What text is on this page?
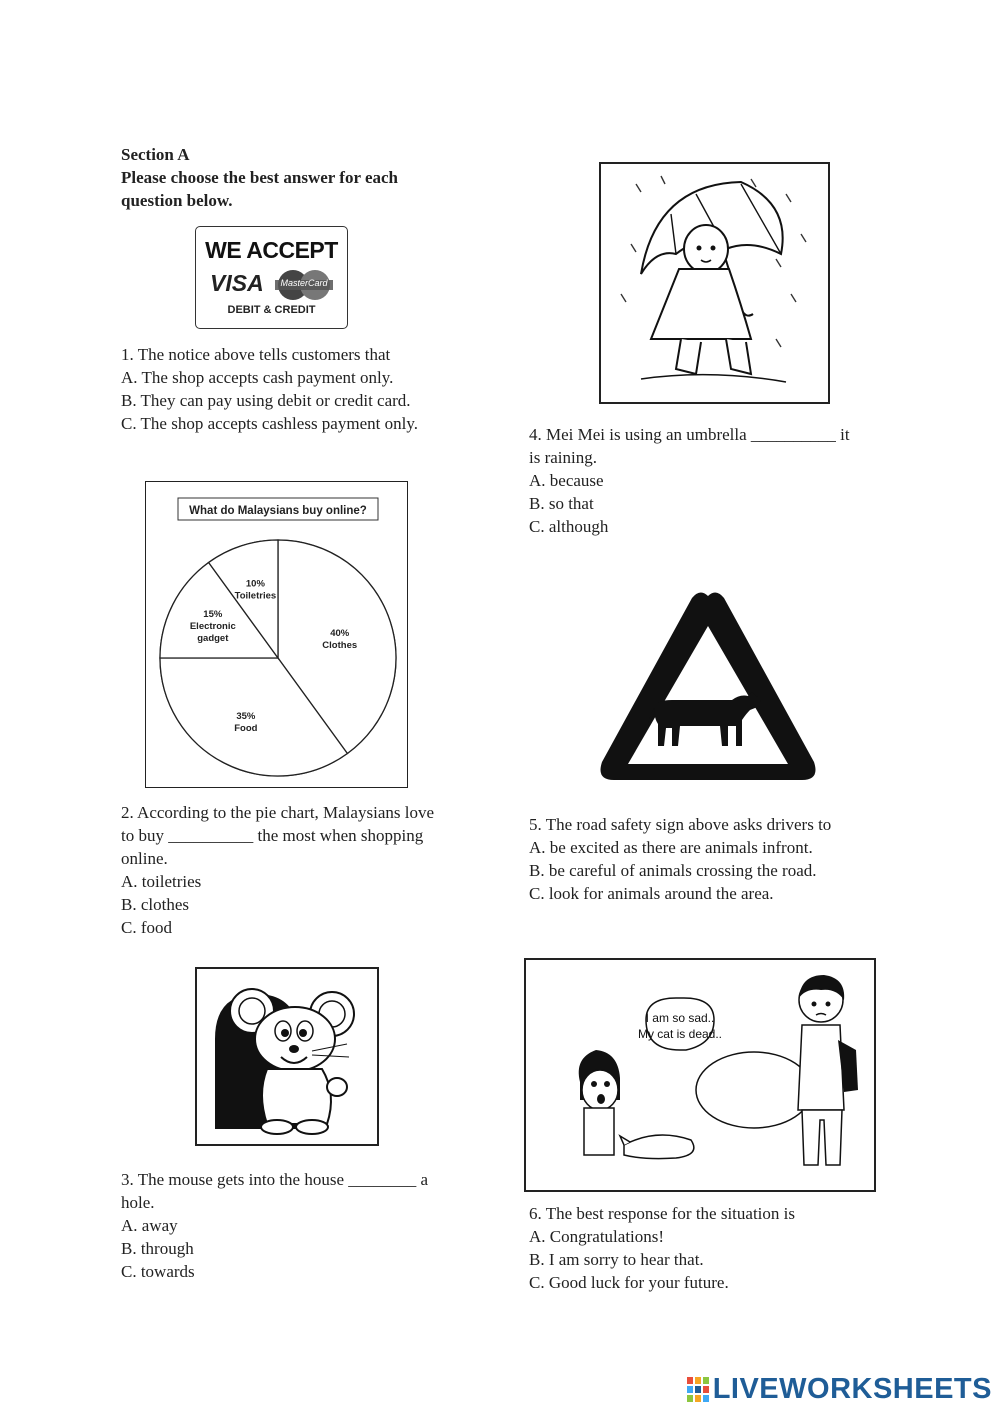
Section A
Please choose the best answer for each
question below.
WE ACCEPT
VISA	MasterCard
DEBIT & CREDIT
1. The notice above tells customers that
A. The shop accepts cash payment only.
B. They can pay using debit or credit card.
C. The shop accepts cashless payment only.
What do Malaysians buy online?
40%
Clothes
35%
Food
15%
Electronic
gadget
10%
Toiletries
2. According to the pie chart, Malaysians love
to buy __________ the most when shopping
online.
A. toiletries
B. clothes
C. food
3. The mouse gets into the house ________ a
hole.
A. away
B. through
C. towards
4. Mei Mei is using an umbrella __________ it
is raining.
A. because
B. so that
C. although
5. The road safety sign above asks drivers to
A. be excited as there are animals infront.
B. be careful of animals crossing the road.
C. look for animals around the area.
I am so sad..
My cat is dead..
6. The best response for the situation is
A. Congratulations!
B. I am sorry to hear that.
C. Good luck for your future.
LIVEWORKSHEETS
